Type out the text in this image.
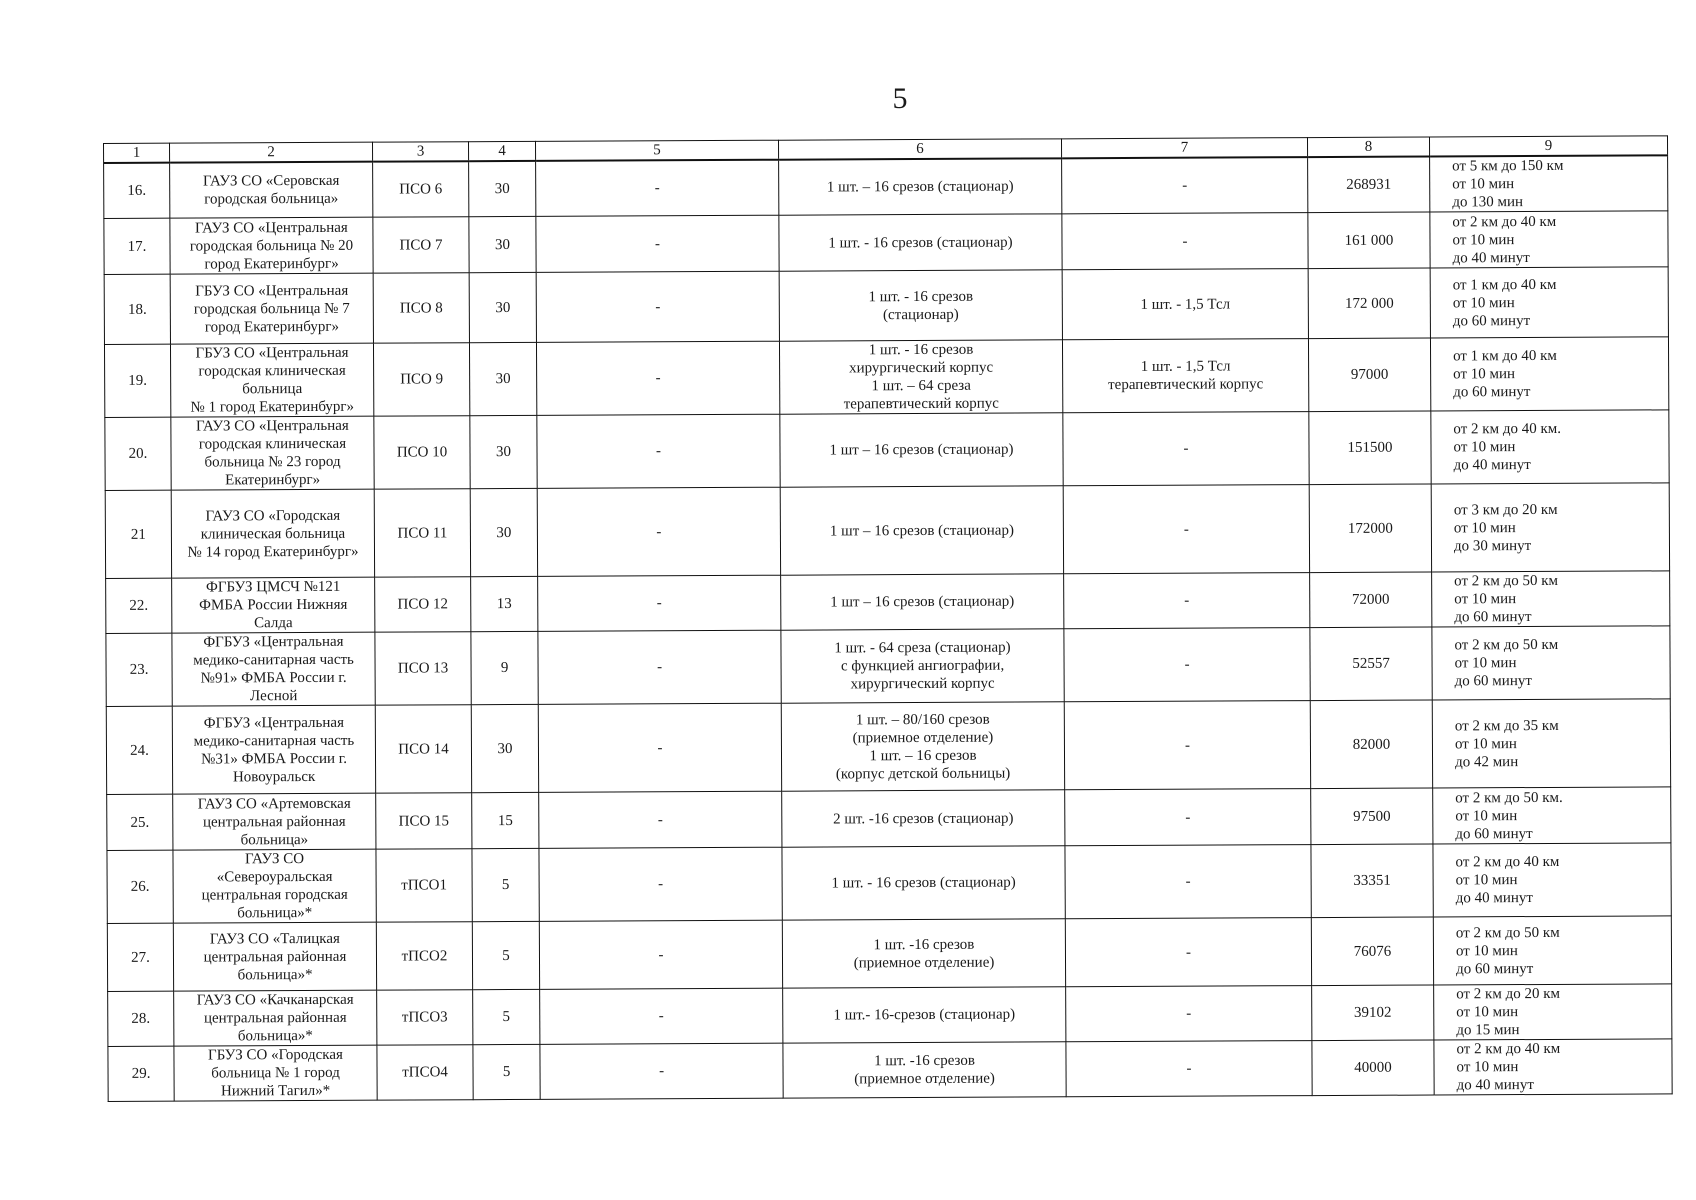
5
1	2	3	4	5	6	7	8	9
16.	ГАУЗ СО «Серовская
городская больница»	ПСО 6	30	-	1 шт. – 16 срезов (стационар)	-	268931	от 5 км до 150 км
от 10 мин
до 130 мин
17.	ГАУЗ СО «Центральная
городская больница № 20
город Екатеринбург»	ПСО 7	30	-	1 шт. - 16 срезов (стационар)	-	161 000	от 2 км до 40 км
от 10 мин
до 40 минут
18.	ГБУЗ СО «Центральная
городская больница № 7
город Екатеринбург»	ПСО 8	30	-	1 шт. - 16 срезов
(стационар)	1 шт. - 1,5 Тсл	172 000	от 1 км до 40 км
от 10 мин
до 60 минут
19.	ГБУЗ СО «Центральная
городская клиническая
больница
№ 1 город Екатеринбург»	ПСО 9	30	-	1 шт. - 16 срезов
хирургический корпус
1 шт. – 64 среза
терапевтический корпус	1 шт. - 1,5 Тсл
терапевтический корпус	97000	от 1 км до 40 км
от 10 мин
до 60 минут
20.	ГАУЗ СО «Центральная
городская клиническая
больница № 23 город
Екатеринбург»	ПСО 10	30	-	1 шт – 16 срезов (стационар)	-	151500	от 2 км до 40 км.
от 10 мин
до 40 минут
21	ГАУЗ СО «Городская
клиническая больница
№ 14 город Екатеринбург»	ПСО 11	30	-	1 шт – 16 срезов (стационар)	-	172000	от 3 км до 20 км
от 10 мин
до 30 минут
22.	ФГБУЗ ЦМСЧ №121
ФМБА России Нижняя
Салда	ПСО 12	13	-	1 шт – 16 срезов (стационар)	-	72000	от 2 км до 50 км
от 10 мин
до 60 минут
23.	ФГБУЗ «Центральная
медико-санитарная часть
№91» ФМБА России г.
Лесной	ПСО 13	9	-	1 шт. - 64 среза (стационар)
с функцией ангиографии,
хирургический корпус	-	52557	от 2 км до 50 км
от 10 мин
до 60 минут
24.	ФГБУЗ «Центральная
медико-санитарная часть
№31» ФМБА России г.
Новоуральск	ПСО 14	30	-	1 шт. – 80/160 срезов
(приемное отделение)
1 шт. – 16 срезов
(корпус детской больницы)	-	82000	от 2 км до 35 км
от 10 мин
до 42 мин
25.	ГАУЗ СО «Артемовская
центральная районная
больница»	ПСО 15	15	-	2 шт. -16 срезов (стационар)	-	97500	от 2 км до 50 км.
от 10 мин
до 60 минут
26.	ГАУЗ СО
«Североуральская
центральная городская
больница»*	тПСО1	5	-	1 шт. - 16 срезов (стационар)	-	33351	от 2 км до 40 км
от 10 мин
до 40 минут
27.	ГАУЗ СО «Талицкая
центральная районная
больница»*	тПСО2	5	-	1 шт. -16 срезов
(приемное отделение)	-	76076	от 2 км до 50 км
от 10 мин
до 60 минут
28.	ГАУЗ СО «Качканарская
центральная районная
больница»*	тПСО3	5	-	1 шт.- 16-срезов (стационар)	-	39102	от 2 км до 20 км
от 10 мин
до 15 мин
29.	ГБУЗ СО «Городская
больница № 1 город
Нижний Тагил»*	тПСО4	5	-	1 шт. -16 срезов
(приемное отделение)	-	40000	от 2 км до 40 км
от 10 мин
до 40 минут
